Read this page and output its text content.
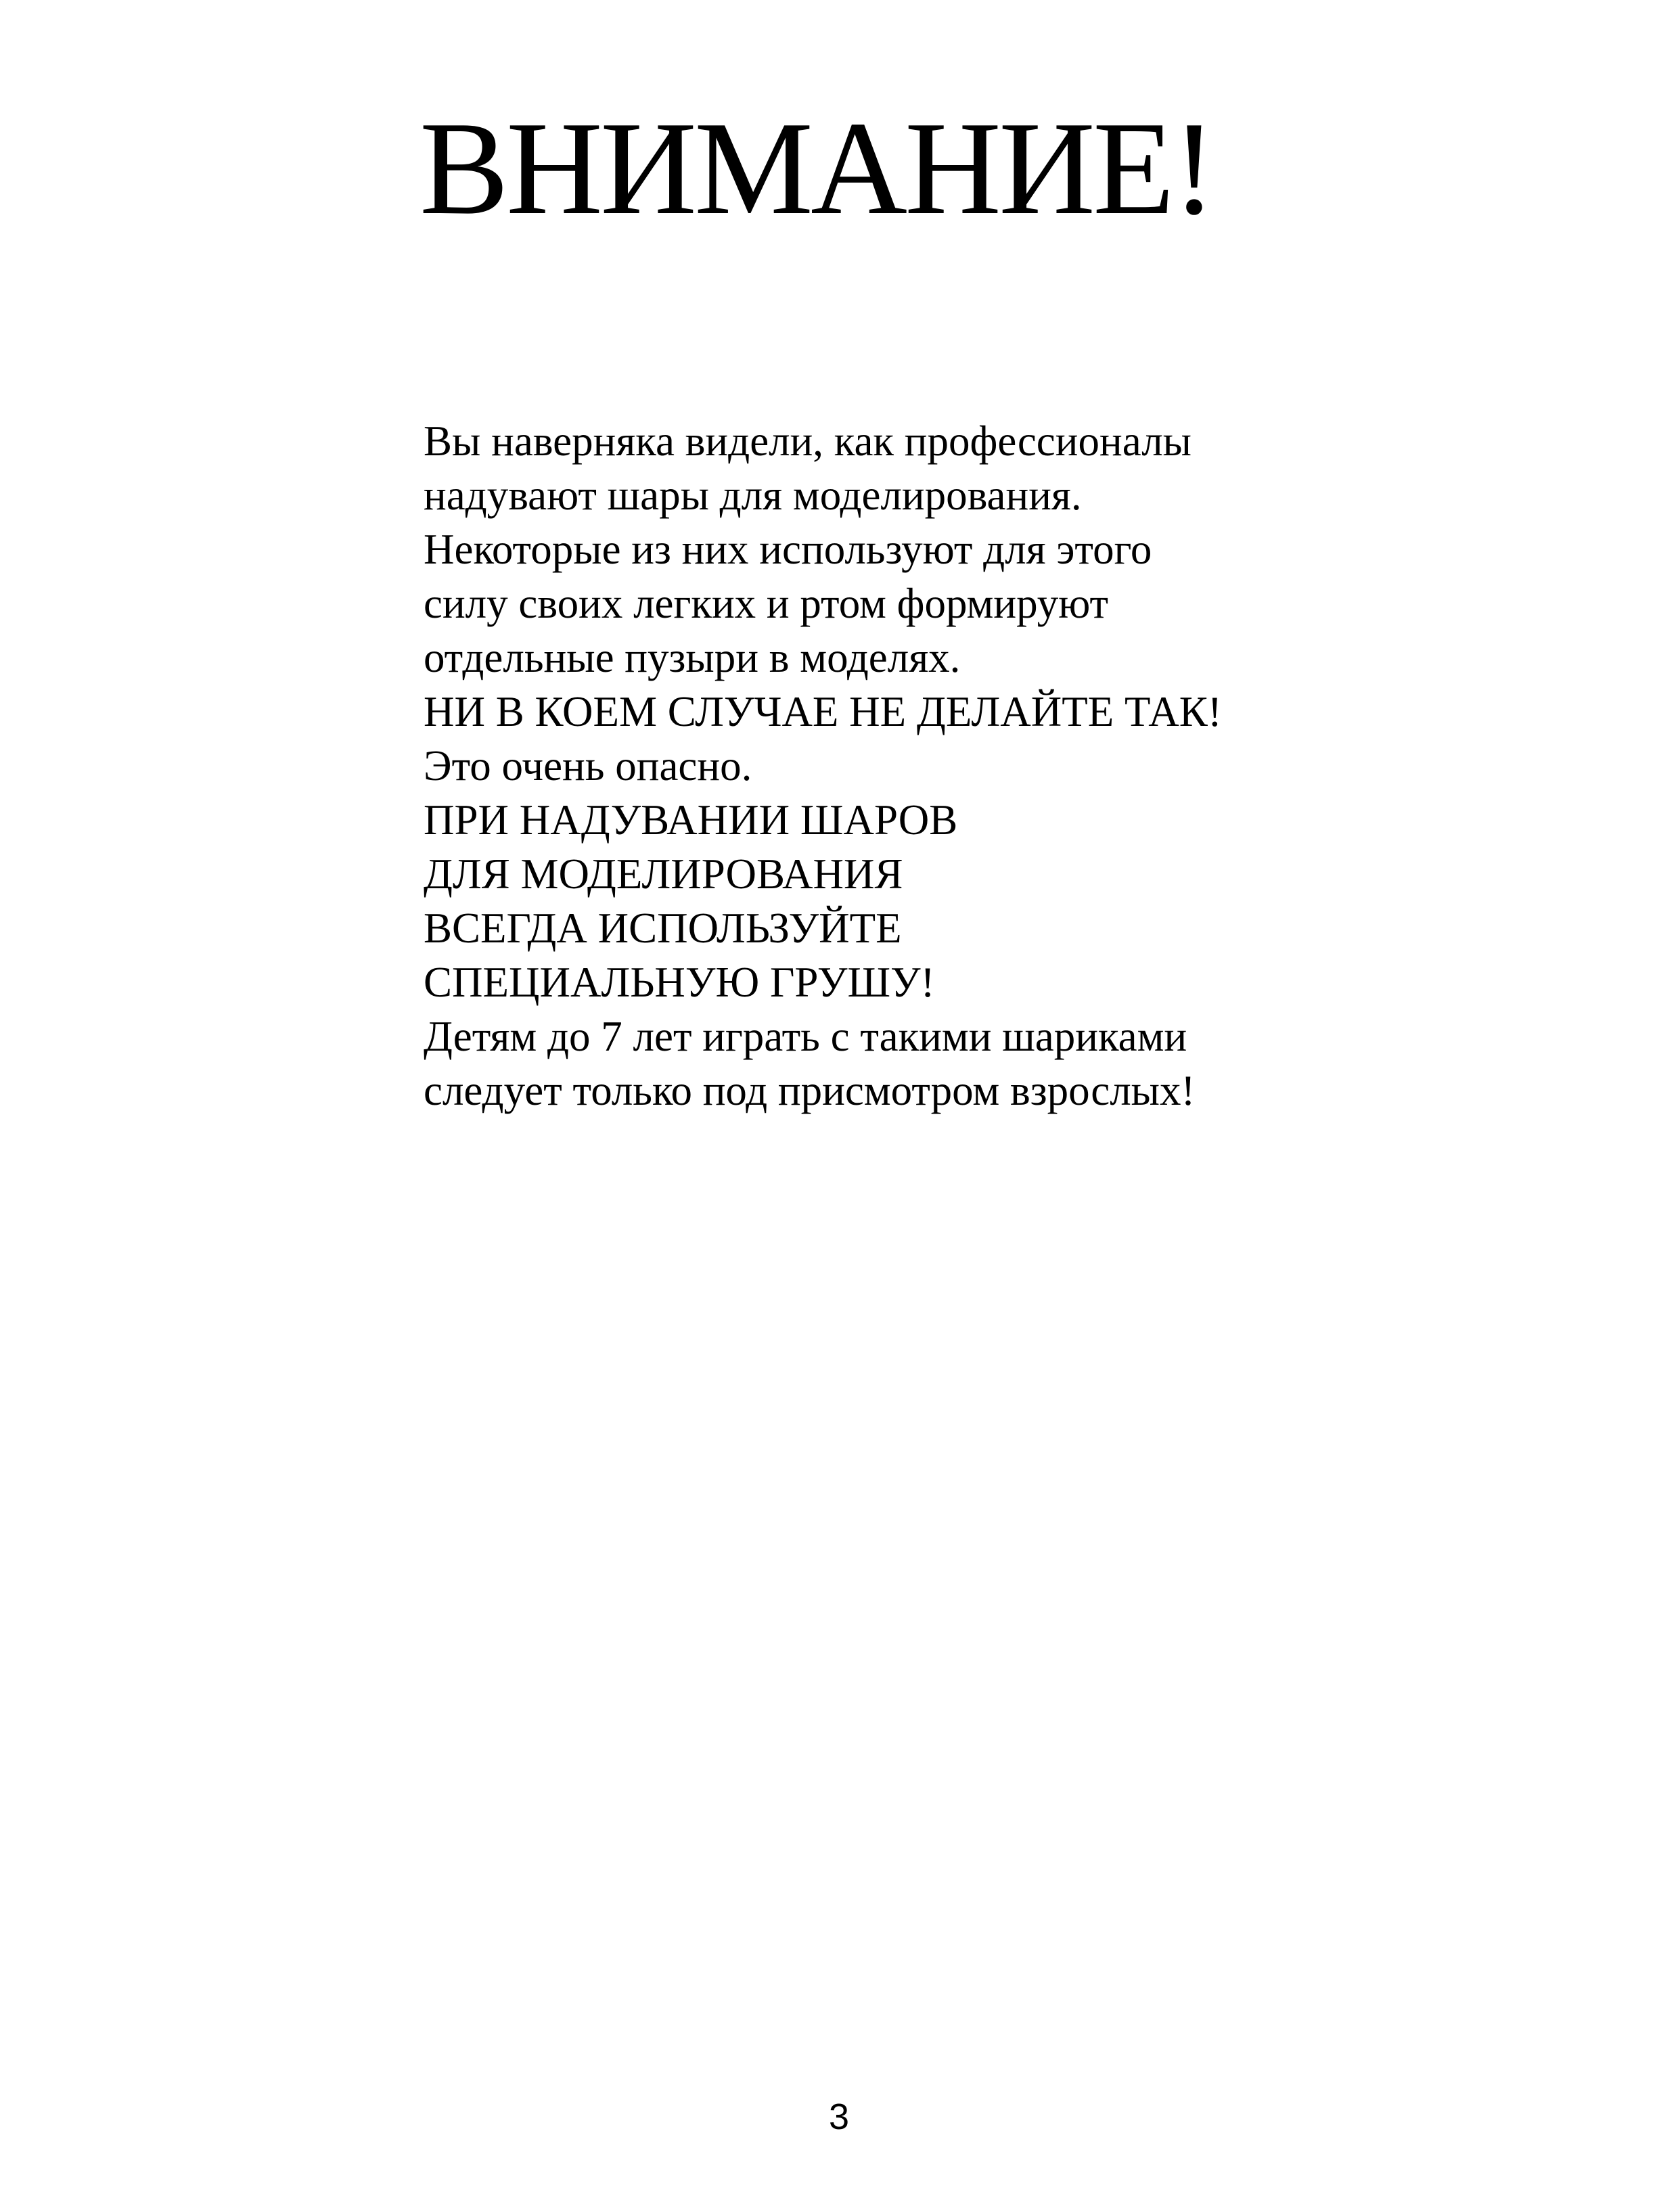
ВНИМАНИЕ!
Вы наверняка видели, как профессионалы
надувают шары для моделирования.
Некоторые из них используют для этого
силу своих легких и ртом формируют
отдельные пузыри в моделях.
НИ В КОЕМ СЛУЧАЕ НЕ ДЕЛАЙТЕ ТАК!
Это очень опасно.
ПРИ НАДУВАНИИ ШАРОВ
ДЛЯ МОДЕЛИРОВАНИЯ
ВСЕГДА ИСПОЛЬЗУЙТЕ
СПЕЦИАЛЬНУЮ ГРУШУ!
Детям до 7 лет играть с такими шариками
следует только под присмотром взрослых!
3
